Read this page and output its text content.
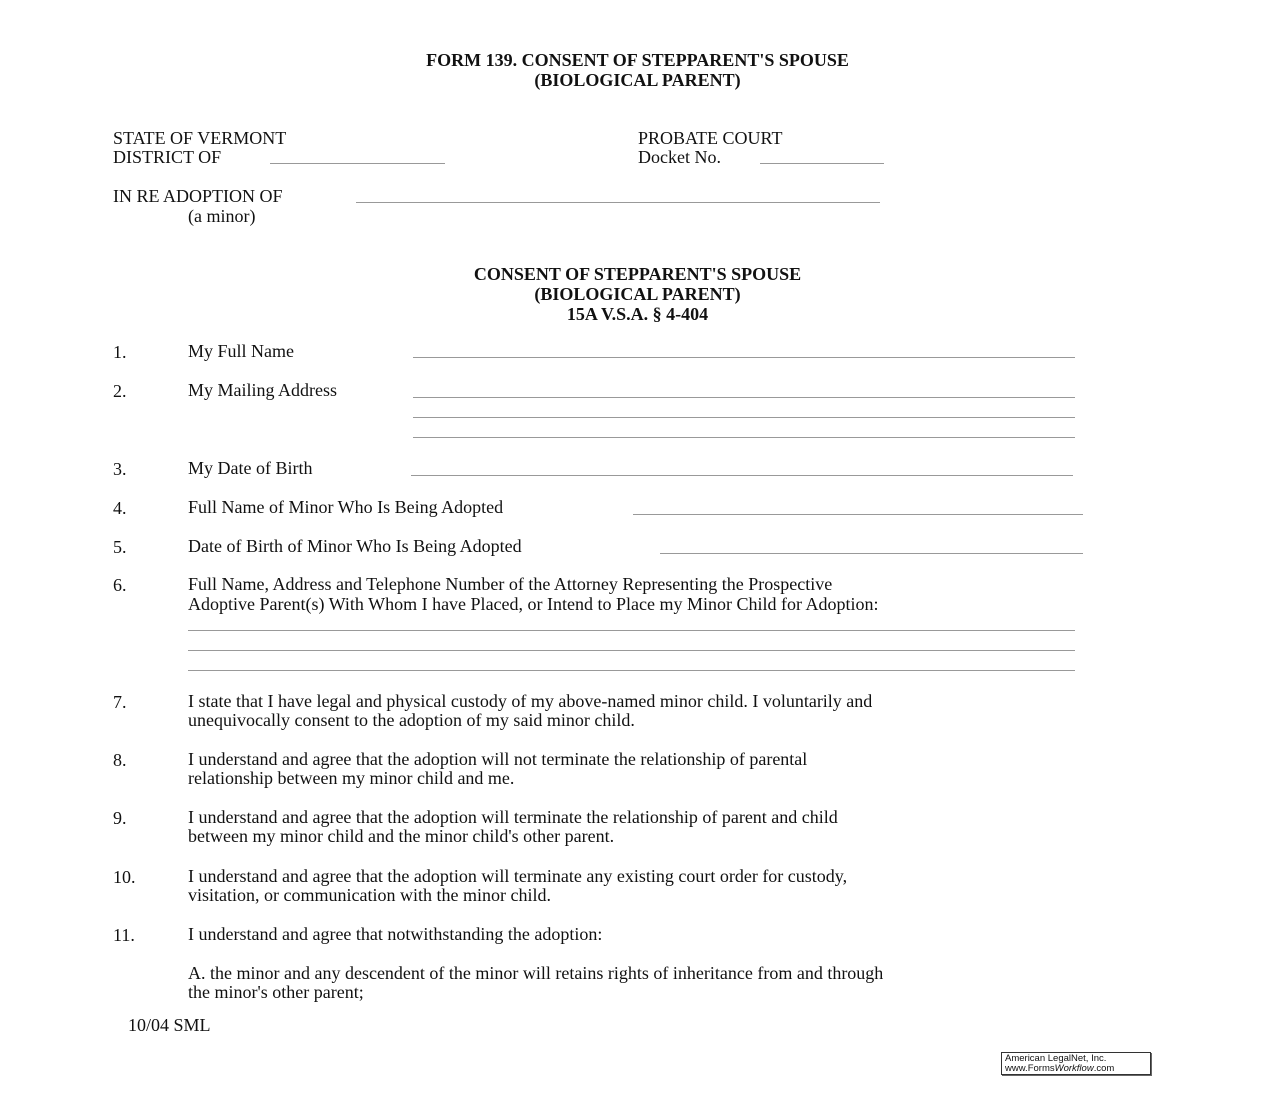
FORM 139. CONSENT OF STEPPARENT'S SPOUSE
(BIOLOGICAL PARENT)
STATE OF VERMONT
DISTRICT OF
PROBATE COURT
Docket No.
IN RE ADOPTION OF
(a minor)
CONSENT OF STEPPARENT'S SPOUSE
(BIOLOGICAL PARENT)
15A V.S.A. § 4-404
1.	My Full Name
2.	My Mailing Address
3.	My Date of Birth
4.	Full Name of Minor Who Is Being Adopted
5.	Date of Birth of Minor Who Is Being Adopted
6.	Full Name, Address and Telephone Number of the Attorney Representing the Prospective
Adoptive Parent(s) With Whom I have Placed, or Intend to Place my Minor Child for Adoption:
7.	I state that I have legal and physical custody of my above-named minor child. I voluntarily and
unequivocally consent to the adoption of my said minor child.
8.	I understand and agree that the adoption will not terminate the relationship of parental
relationship between my minor child and me.
9.	I understand and agree that the adoption will terminate the relationship of parent and child
between my minor child and the minor child's other parent.
10.	I understand and agree that the adoption will terminate any existing court order for custody,
visitation, or communication with the minor child.
11.	I understand and agree that notwithstanding the adoption:
A. the minor and any descendent of the minor will retains rights of inheritance from and through
the minor's other parent;
10/04 SML
American LegalNet, Inc.
www.FormsWorkflow.com
